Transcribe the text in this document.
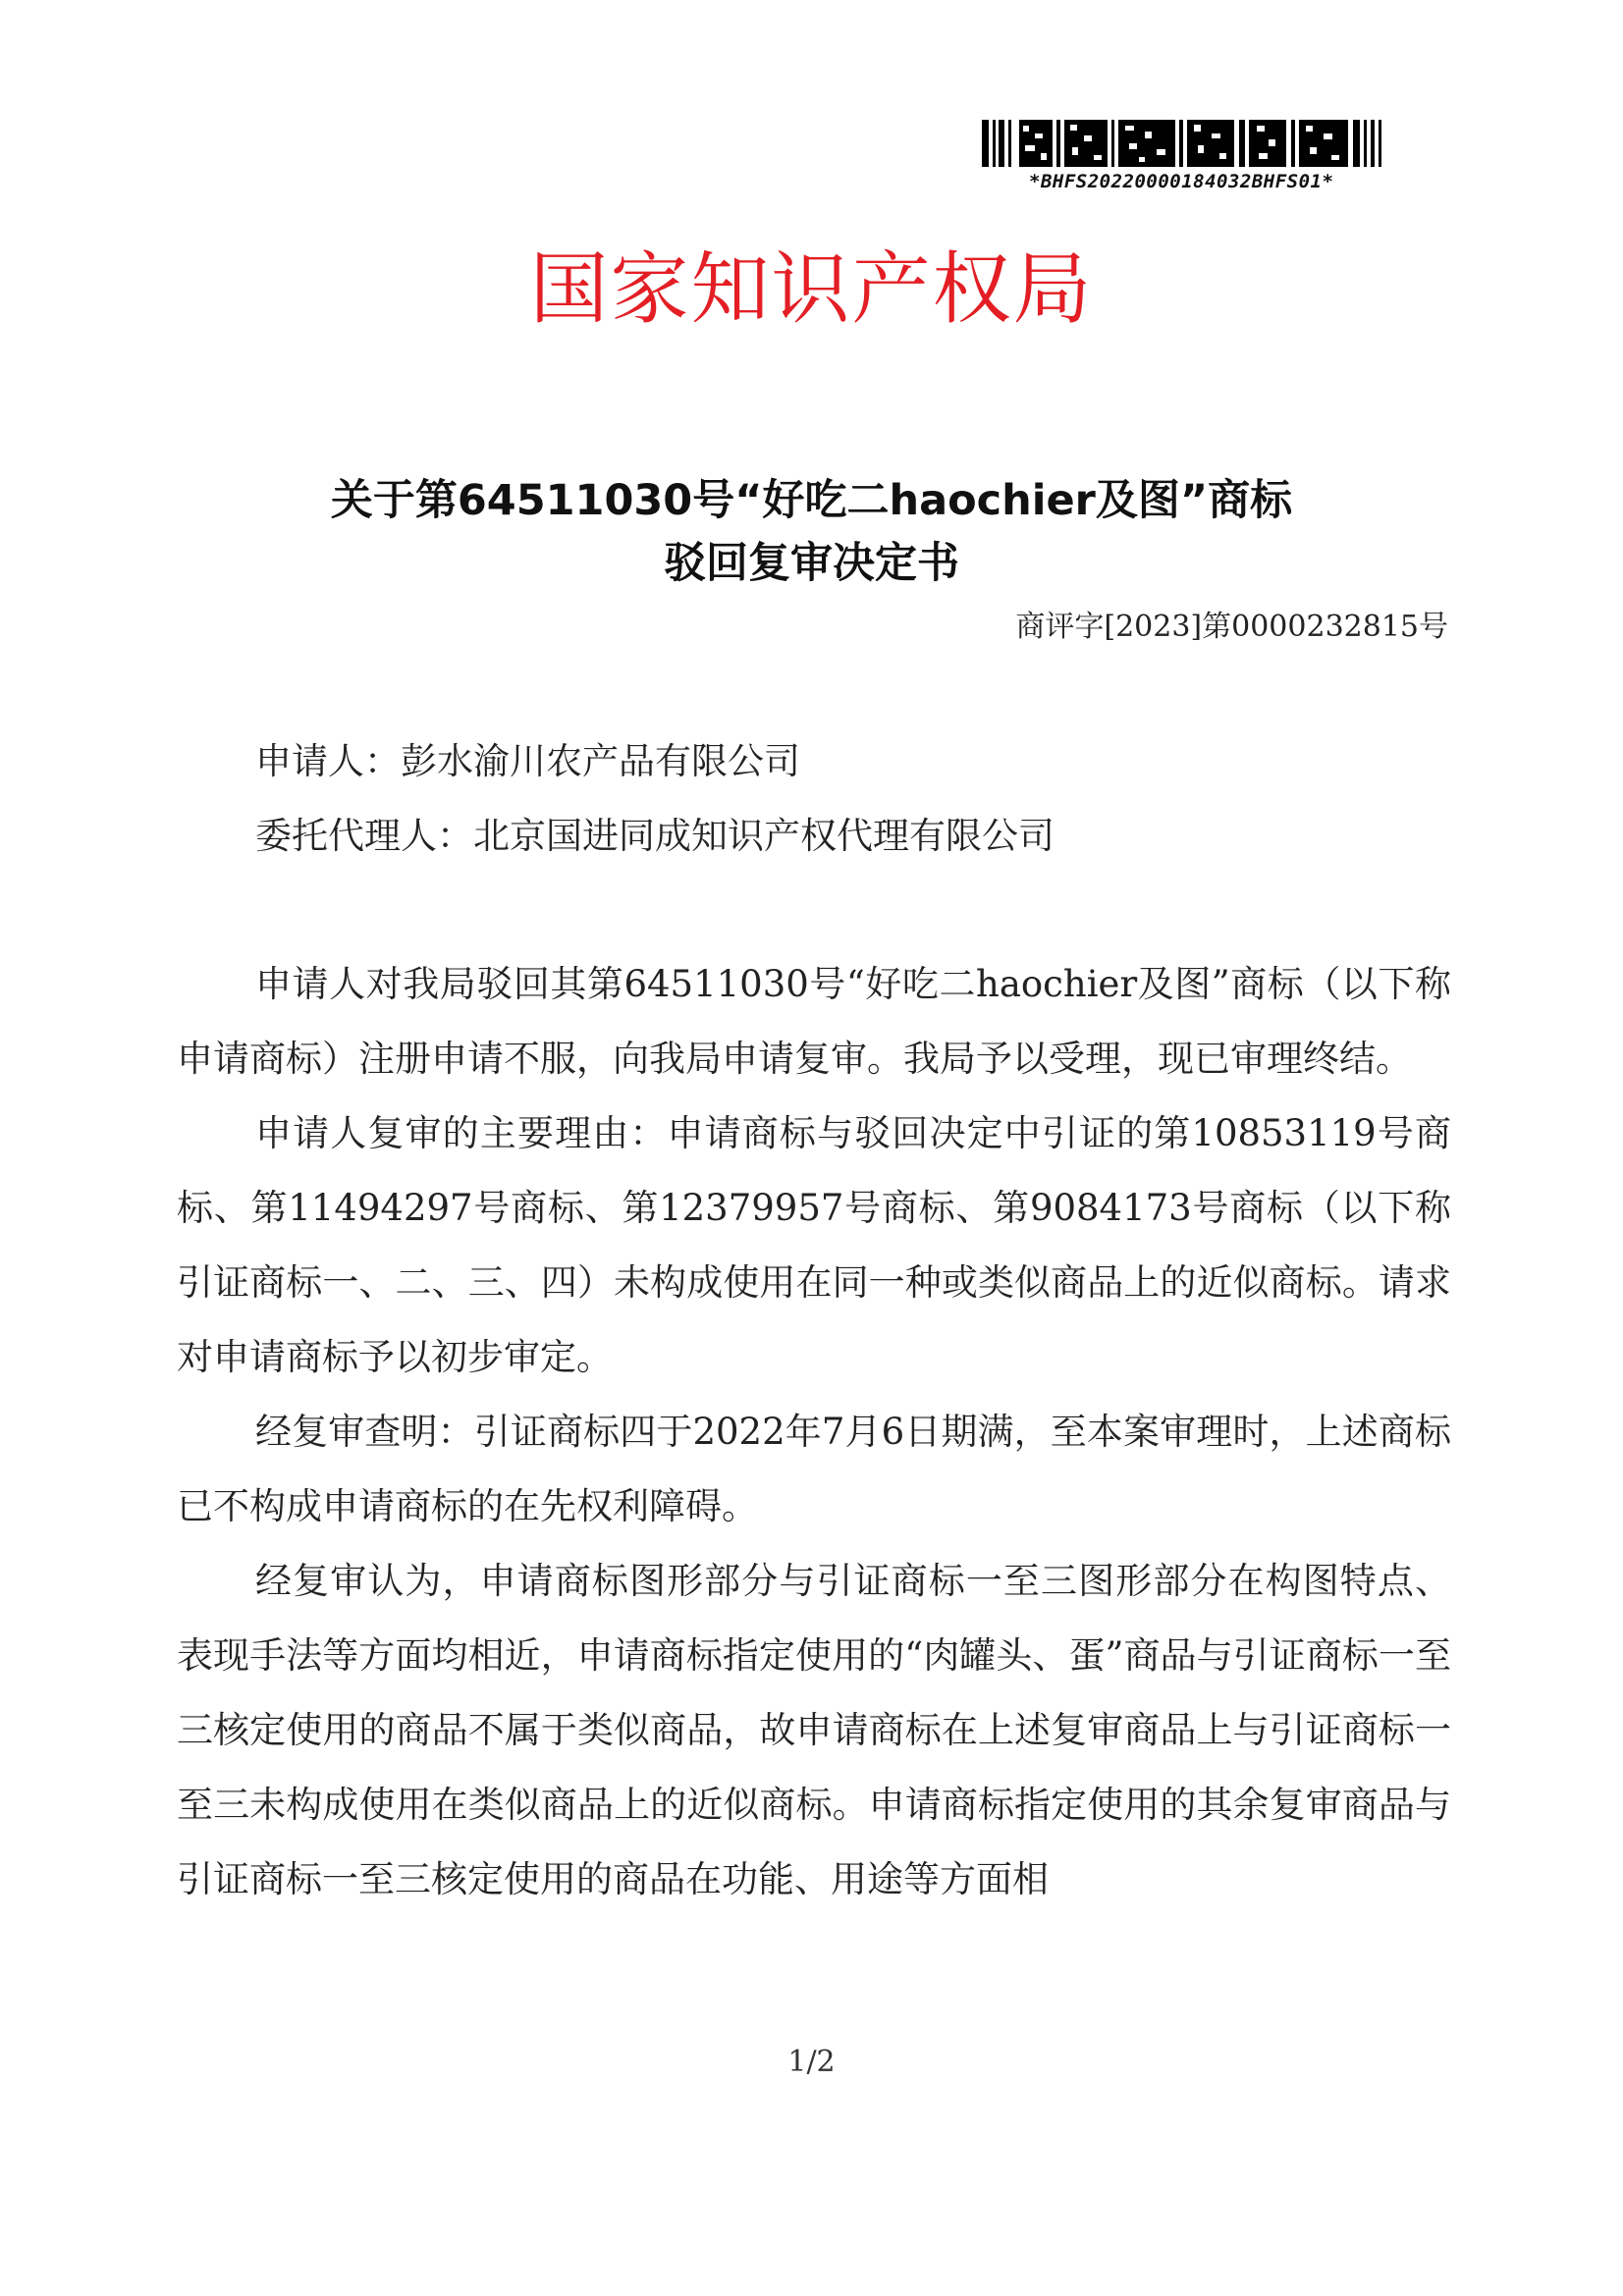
*BHFS20220000184032BHFS01*
国家知识产权局
关于第64511030号“好吃二haochier及图”商标
驳回复审决定书
商评字[2023]第0000232815号
申请人：彭水渝川农产品有限公司
委托代理人：北京国进同成知识产权代理有限公司

申请人对我局驳回其第64511030号“好吃二haochier及图”商标（以下称申请商标）注册申请不服，向我局申请复审。我局予以受理，现已审理终结。

申请人复审的主要理由：申请商标与驳回决定中引证的第10853119号商标、第11494297号商标、第12379957号商标、第9084173号商标（以下称引证商标一、二、三、四）未构成使用在同一种或类似商品上的近似商标。请求对申请商标予以初步审定。

经复审查明：引证商标四于2022年7月6日期满，至本案审理时，上述商标已不构成申请商标的在先权利障碍。

经复审认为，申请商标图形部分与引证商标一至三图形部分在构图特点、表现手法等方面均相近，申请商标指定使用的“肉罐头、蛋”商品与引证商标一至三核定使用的商品不属于类似商品，故申请商标在上述复审商品上与引证商标一至三未构成使用在类似商品上的近似商标。申请商标指定使用的其余复审商品与引证商标一至三核定使用的商品在功能、用途等方面相

1/2
